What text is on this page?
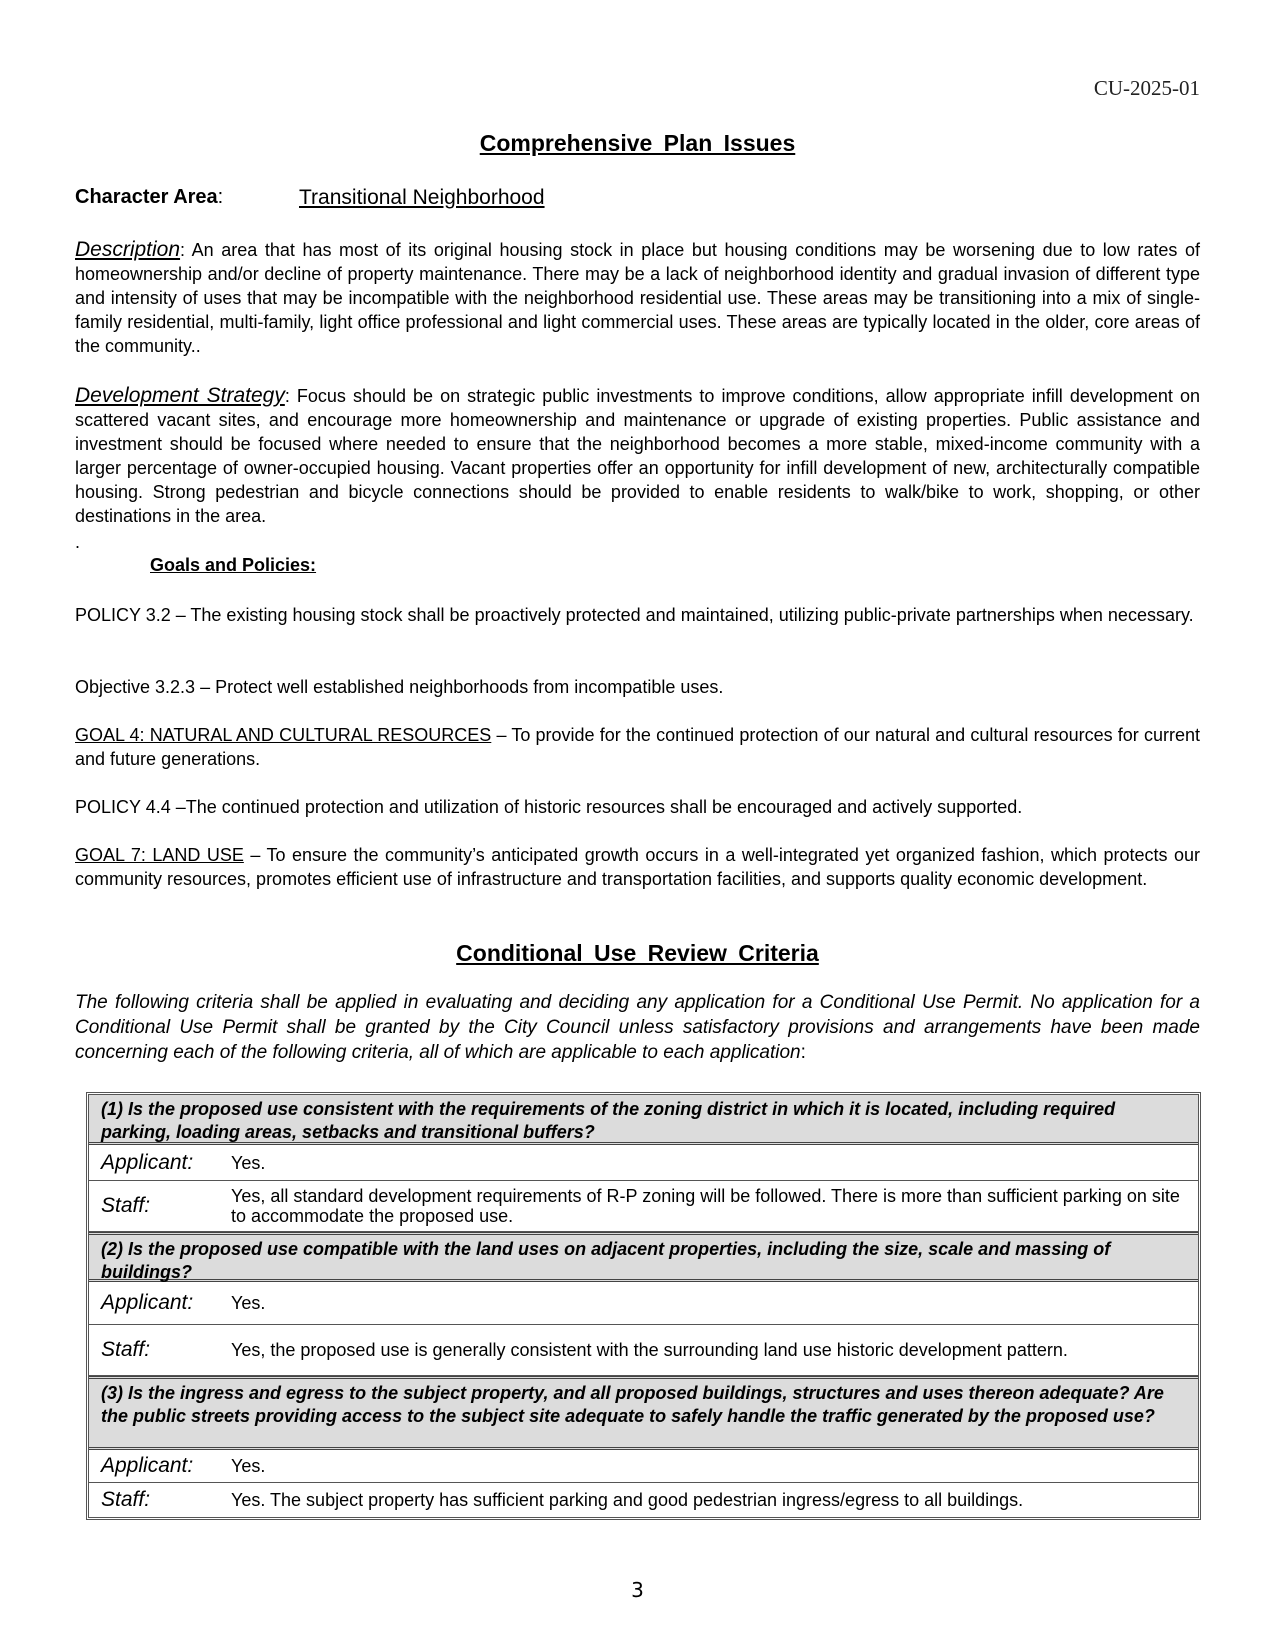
CU-2025-01
Comprehensive Plan Issues
Character Area:	Transitional Neighborhood
Description: An area that has most of its original housing stock in place but housing conditions may be worsening due to low rates of homeownership and/or decline of property maintenance. There may be a lack of neighborhood identity and gradual invasion of different type and intensity of uses that may be incompatible with the neighborhood residential use. These areas may be transitioning into a mix of single-family residential, multi-family, light office professional and light commercial uses. These areas are typically located in the older, core areas of the community..
Development Strategy: Focus should be on strategic public investments to improve conditions, allow appropriate infill development on scattered vacant sites, and encourage more homeownership and maintenance or upgrade of existing properties. Public assistance and investment should be focused where needed to ensure that the neighborhood becomes a more stable, mixed-income community with a larger percentage of owner-occupied housing. Vacant properties offer an opportunity for infill development of new, architecturally compatible housing. Strong pedestrian and bicycle connections should be provided to enable residents to walk/bike to work, shopping, or other destinations in the area.
.
Goals and Policies:
POLICY 3.2 – The existing housing stock shall be proactively protected and maintained, utilizing public-private partnerships when necessary.
Objective 3.2.3 – Protect well established neighborhoods from incompatible uses.
GOAL 4: NATURAL AND CULTURAL RESOURCES – To provide for the continued protection of our natural and cultural resources for current and future generations.
POLICY 4.4 –The continued protection and utilization of historic resources shall be encouraged and actively supported.
GOAL 7: LAND USE – To ensure the community’s anticipated growth occurs in a well-integrated yet organized fashion, which protects our community resources, promotes efficient use of infrastructure and transportation facilities, and supports quality economic development.
Conditional Use Review Criteria
The following criteria shall be applied in evaluating and deciding any application for a Conditional Use Permit. No application for a Conditional Use Permit shall be granted by the City Council unless satisfactory provisions and arrangements have been made concerning each of the following criteria, all of which are applicable to each application:
(1) Is the proposed use consistent with the requirements of the zoning district in which it is located, including required parking, loading areas, setbacks and transitional buffers?
Applicant:	Yes.
Staff:	Yes, all standard development requirements of R-P zoning will be followed. There is more than sufficient parking on site to accommodate the proposed use.
(2) Is the proposed use compatible with the land uses on adjacent properties, including the size, scale and massing of buildings?
Applicant:	Yes.
Staff:	Yes, the proposed use is generally consistent with the surrounding land use historic development pattern.
(3) Is the ingress and egress to the subject property, and all proposed buildings, structures and uses thereon adequate? Are the public streets providing access to the subject site adequate to safely handle the traffic generated by the proposed use?
Applicant:	Yes.
Staff:	Yes. The subject property has sufficient parking and good pedestrian ingress/egress to all buildings.
3
